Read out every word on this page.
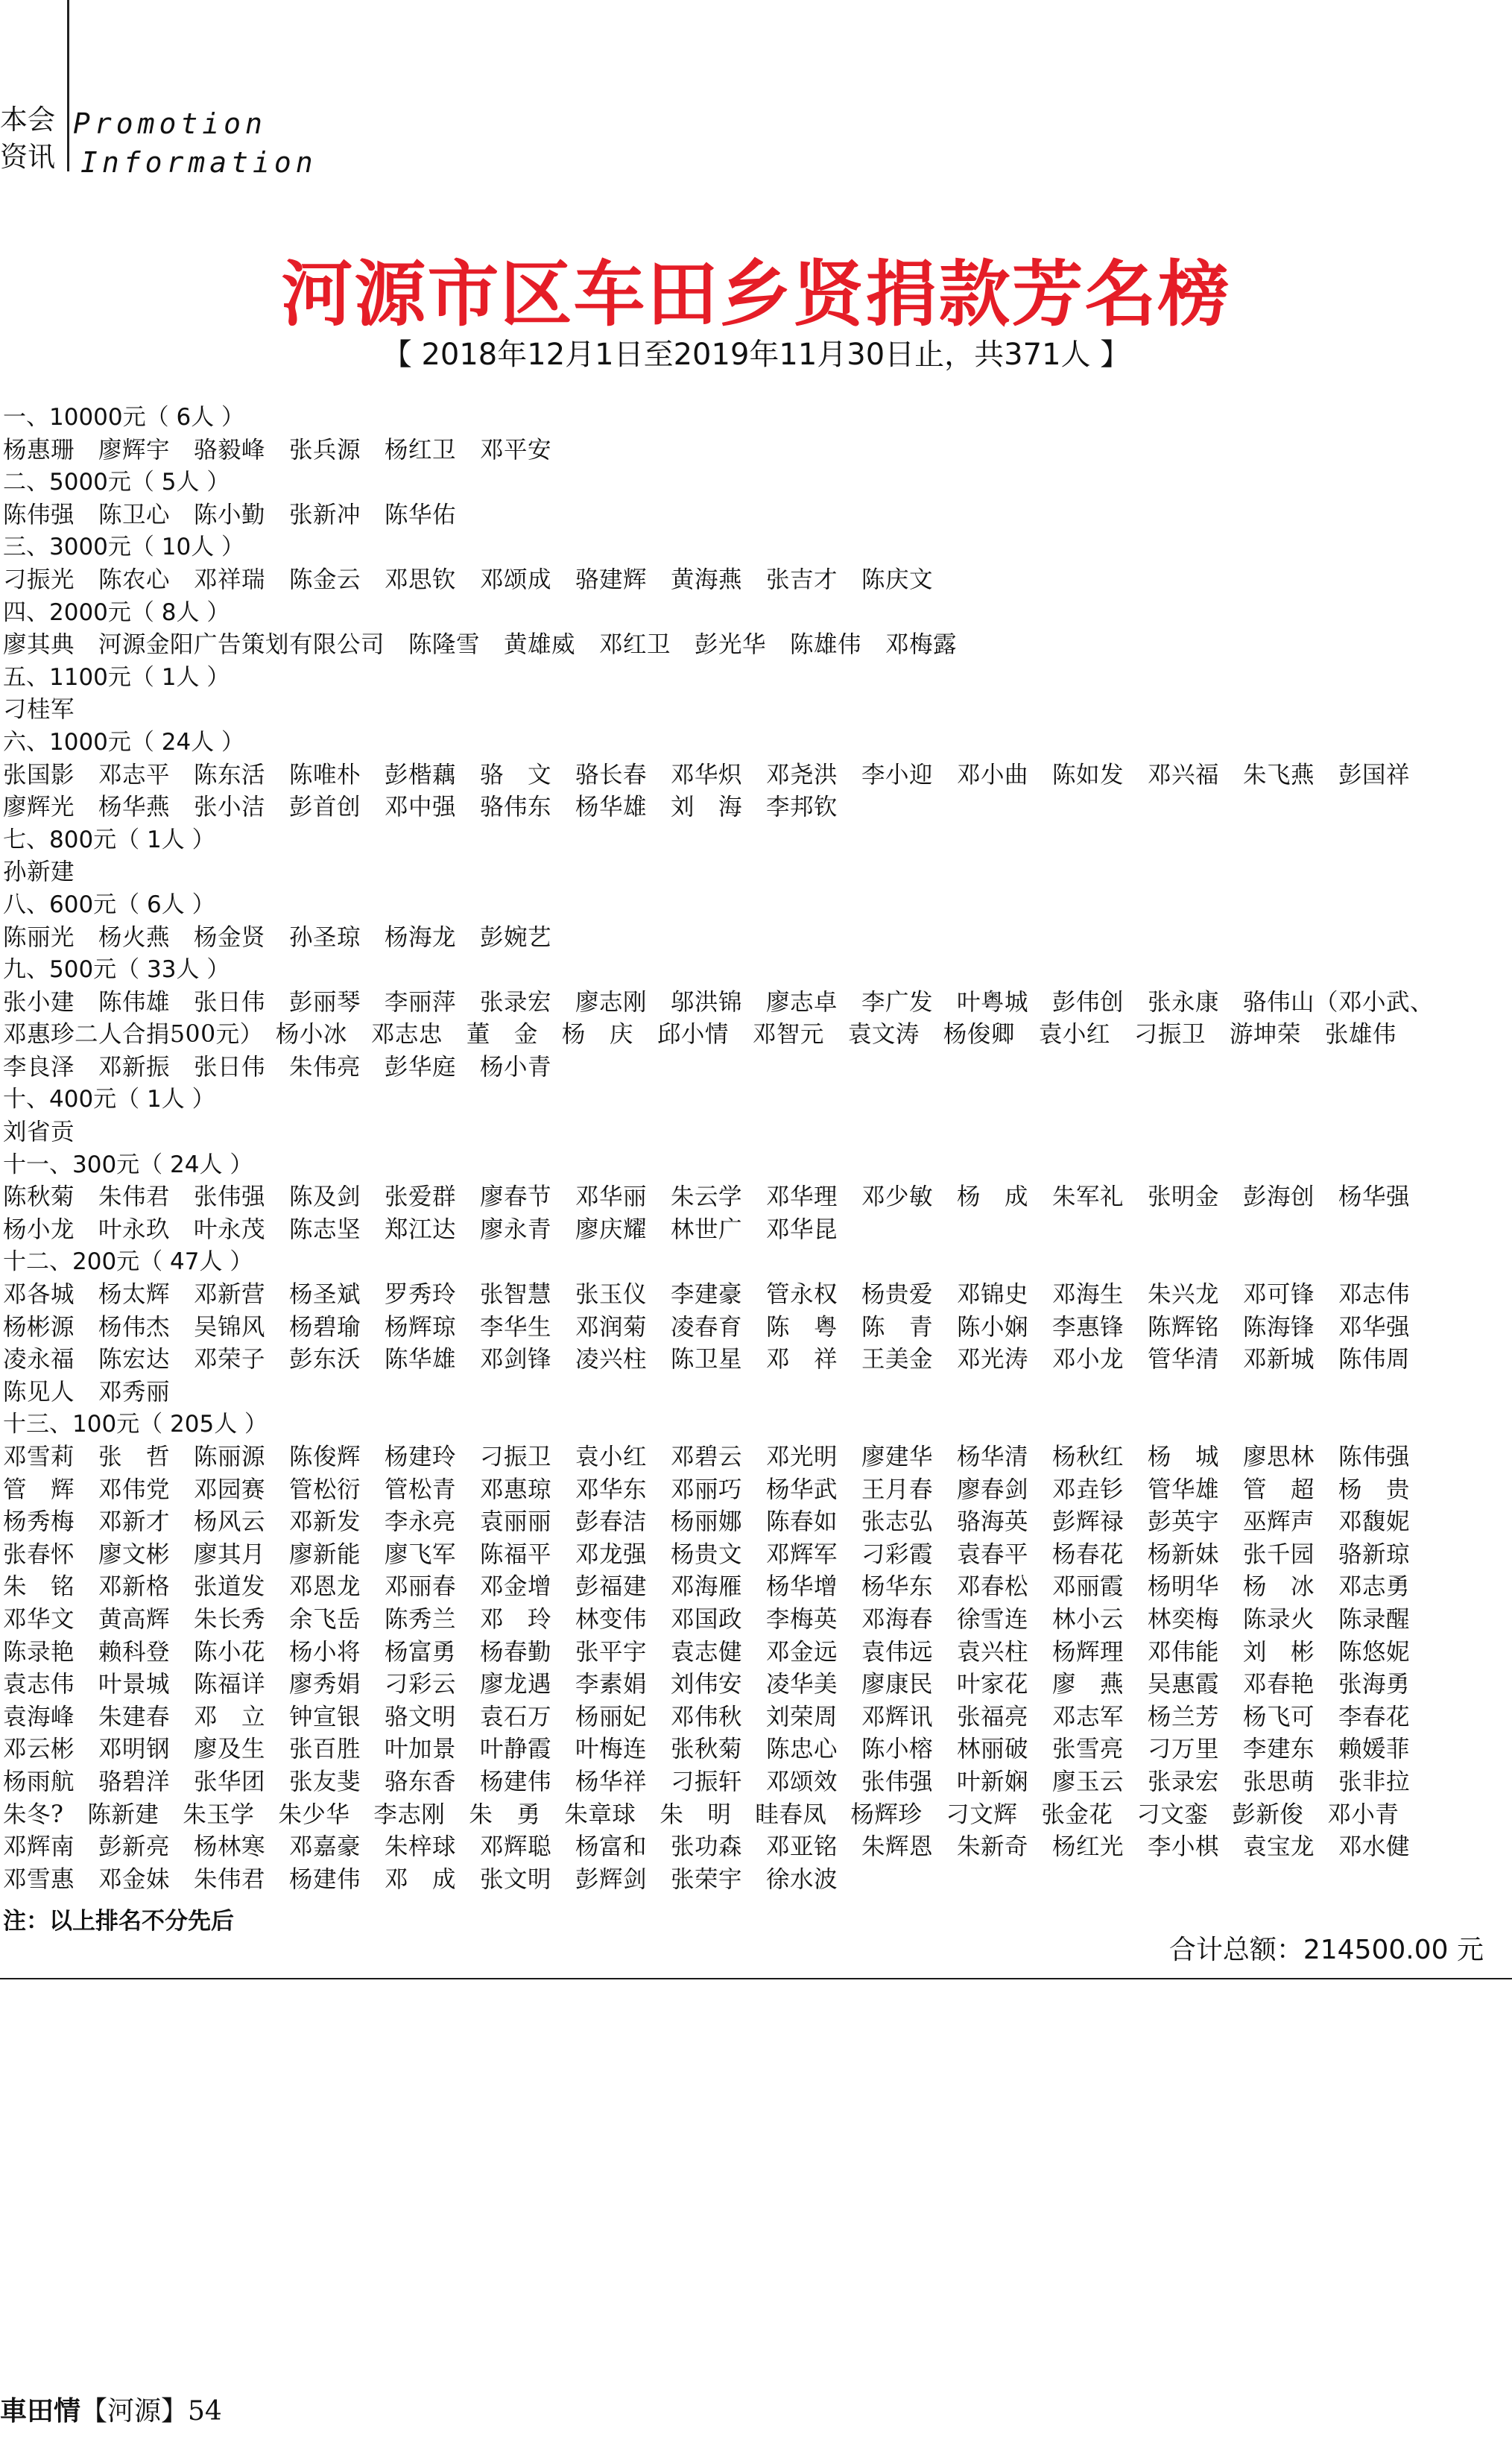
本会
资讯
Promotion
Information
河源市区车田乡贤捐款芳名榜
【 2018年12月1日至2019年11月30日止，共371人 】
一、10000元（ 6人 ）
杨惠珊　廖辉宇　骆毅峰　张兵源　杨红卫　邓平安
二、5000元（ 5人 ）
陈伟强　陈卫心　陈小勤　张新冲　陈华佑
三、3000元（ 10人 ）
刁振光　陈农心　邓祥瑞　陈金云　邓思钦　邓颂成　骆建辉　黄海燕　张吉才　陈庆文
四、2000元（ 8人 ）
廖其典　河源金阳广告策划有限公司　陈隆雪　黄雄威　邓红卫　彭光华　陈雄伟　邓梅露
五、1100元（ 1人 ）
刁桂军
六、1000元（ 24人 ）
张国影　邓志平　陈东活　陈唯朴　彭楷藕　骆　文　骆长春　邓华炽　邓尧洪　李小迎　邓小曲　陈如发　邓兴福　朱飞燕　彭国祥
廖辉光　杨华燕　张小洁　彭首创　邓中强　骆伟东　杨华雄　刘　海　李邦钦
七、800元（ 1人 ）
孙新建
八、600元（ 6人 ）
陈丽光　杨火燕　杨金贤　孙圣琼　杨海龙　彭婉艺
九、500元（ 33人 ）
张小建　陈伟雄　张日伟　彭丽琴　李丽萍　张录宏　廖志刚　邬洪锦　廖志卓　李广发　叶粤城　彭伟创　张永康　骆伟山（邓小武、
邓惠珍二人合捐500元）　杨小冰　邓志忠　董　金　杨　庆　邱小情　邓智元　袁文涛　杨俊卿　袁小红　刁振卫　游坤荣　张雄伟
李良泽　邓新振　张日伟　朱伟亮　彭华庭　杨小青
十、400元（ 1人 ）
刘省贡
十一、300元（ 24人 ）
陈秋菊　朱伟君　张伟强　陈及剑　张爱群　廖春节　邓华丽　朱云学　邓华理　邓少敏　杨　成　朱军礼　张明金　彭海创　杨华强
杨小龙　叶永玖　叶永茂　陈志坚　郑江达　廖永青　廖庆耀　林世广　邓华昆
十二、200元（ 47人 ）
邓各城　杨太辉　邓新营　杨圣斌　罗秀玲　张智慧　张玉仪　李建豪　管永权　杨贵爱　邓锦史　邓海生　朱兴龙　邓可锋　邓志伟
杨彬源　杨伟杰　吴锦风　杨碧瑜　杨辉琼　李华生　邓润菊　凌春育　陈　粤　陈　青　陈小娴　李惠锋　陈辉铭　陈海锋　邓华强
凌永福　陈宏达　邓荣子　彭东沃　陈华雄　邓剑锋　凌兴柱　陈卫星　邓　祥　王美金　邓光涛　邓小龙　管华清　邓新城　陈伟周
陈见人　邓秀丽
十三、100元（ 205人 ）
邓雪莉　张　哲　陈丽源　陈俊辉　杨建玲　刁振卫　袁小红　邓碧云　邓光明　廖建华　杨华清　杨秋红　杨　城　廖思林　陈伟强
管　辉　邓伟党　邓园赛　管松衍　管松青　邓惠琼　邓华东　邓丽巧　杨华武　王月春　廖春剑　邓垚钐　管华雄　管　超　杨　贵
杨秀梅　邓新才　杨风云　邓新发　李永亮　袁丽丽　彭春洁　杨丽娜　陈春如　张志弘　骆海英　彭辉禄　彭英宇　巫辉声　邓馥妮
张春怀　廖文彬　廖其月　廖新能　廖飞军　陈福平　邓龙强　杨贵文　邓辉军　刁彩霞　袁春平　杨春花　杨新妹　张千园　骆新琼
朱　铭　邓新格　张道发　邓恩龙　邓丽春　邓金增　彭福建　邓海雁　杨华增　杨华东　邓春松　邓丽霞　杨明华　杨　冰　邓志勇
邓华文　黄高辉　朱长秀　余飞岳　陈秀兰　邓　玲　林变伟　邓国政　李梅英　邓海春　徐雪连　林小云　林奕梅　陈录火　陈录醒
陈录艳　赖科登　陈小花　杨小将　杨富勇　杨春勤　张平宇　袁志健　邓金远　袁伟远　袁兴柱　杨辉理　邓伟能　刘　彬　陈悠妮
袁志伟　叶景城　陈福详　廖秀娟　刁彩云　廖龙遇　李素娟　刘伟安　凌华美　廖康民　叶家花　廖　燕　吴惠霞　邓春艳　张海勇
袁海峰　朱建春　邓　立　钟宣银　骆文明　袁石万　杨丽妃　邓伟秋　刘荣周　邓辉讯　张福亮　邓志军　杨兰芳　杨飞可　李春花
邓云彬　邓明钢　廖及生　张百胜　叶加景　叶静霞　叶梅连　张秋菊　陈忠心　陈小榕　林丽破　张雪亮　刁万里　李建东　赖媛菲
杨雨航　骆碧洋　张华团　张友斐　骆东香　杨建伟　杨华祥　刁振轩　邓颂效　张伟强　叶新娴　廖玉云　张录宏　张思萌　张非拉
朱冬?　陈新建　朱玉学　朱少华　李志刚　朱　勇　朱章球　朱　明　眭春凤　杨辉珍　刁文辉　张金花　刁文銮　彭新俊　邓小青
邓辉南　彭新亮　杨林寒　邓嘉豪　朱梓球　邓辉聪　杨富和　张功森　邓亚铭　朱辉恩　朱新奇　杨红光　李小棋　袁宝龙　邓水健
邓雪惠　邓金妹　朱伟君　杨建伟　邓　成　张文明　彭辉剑　张荣宇　徐水波
注：以上排名不分先后
合计总额：214500.00 元
車田情【河源】54
